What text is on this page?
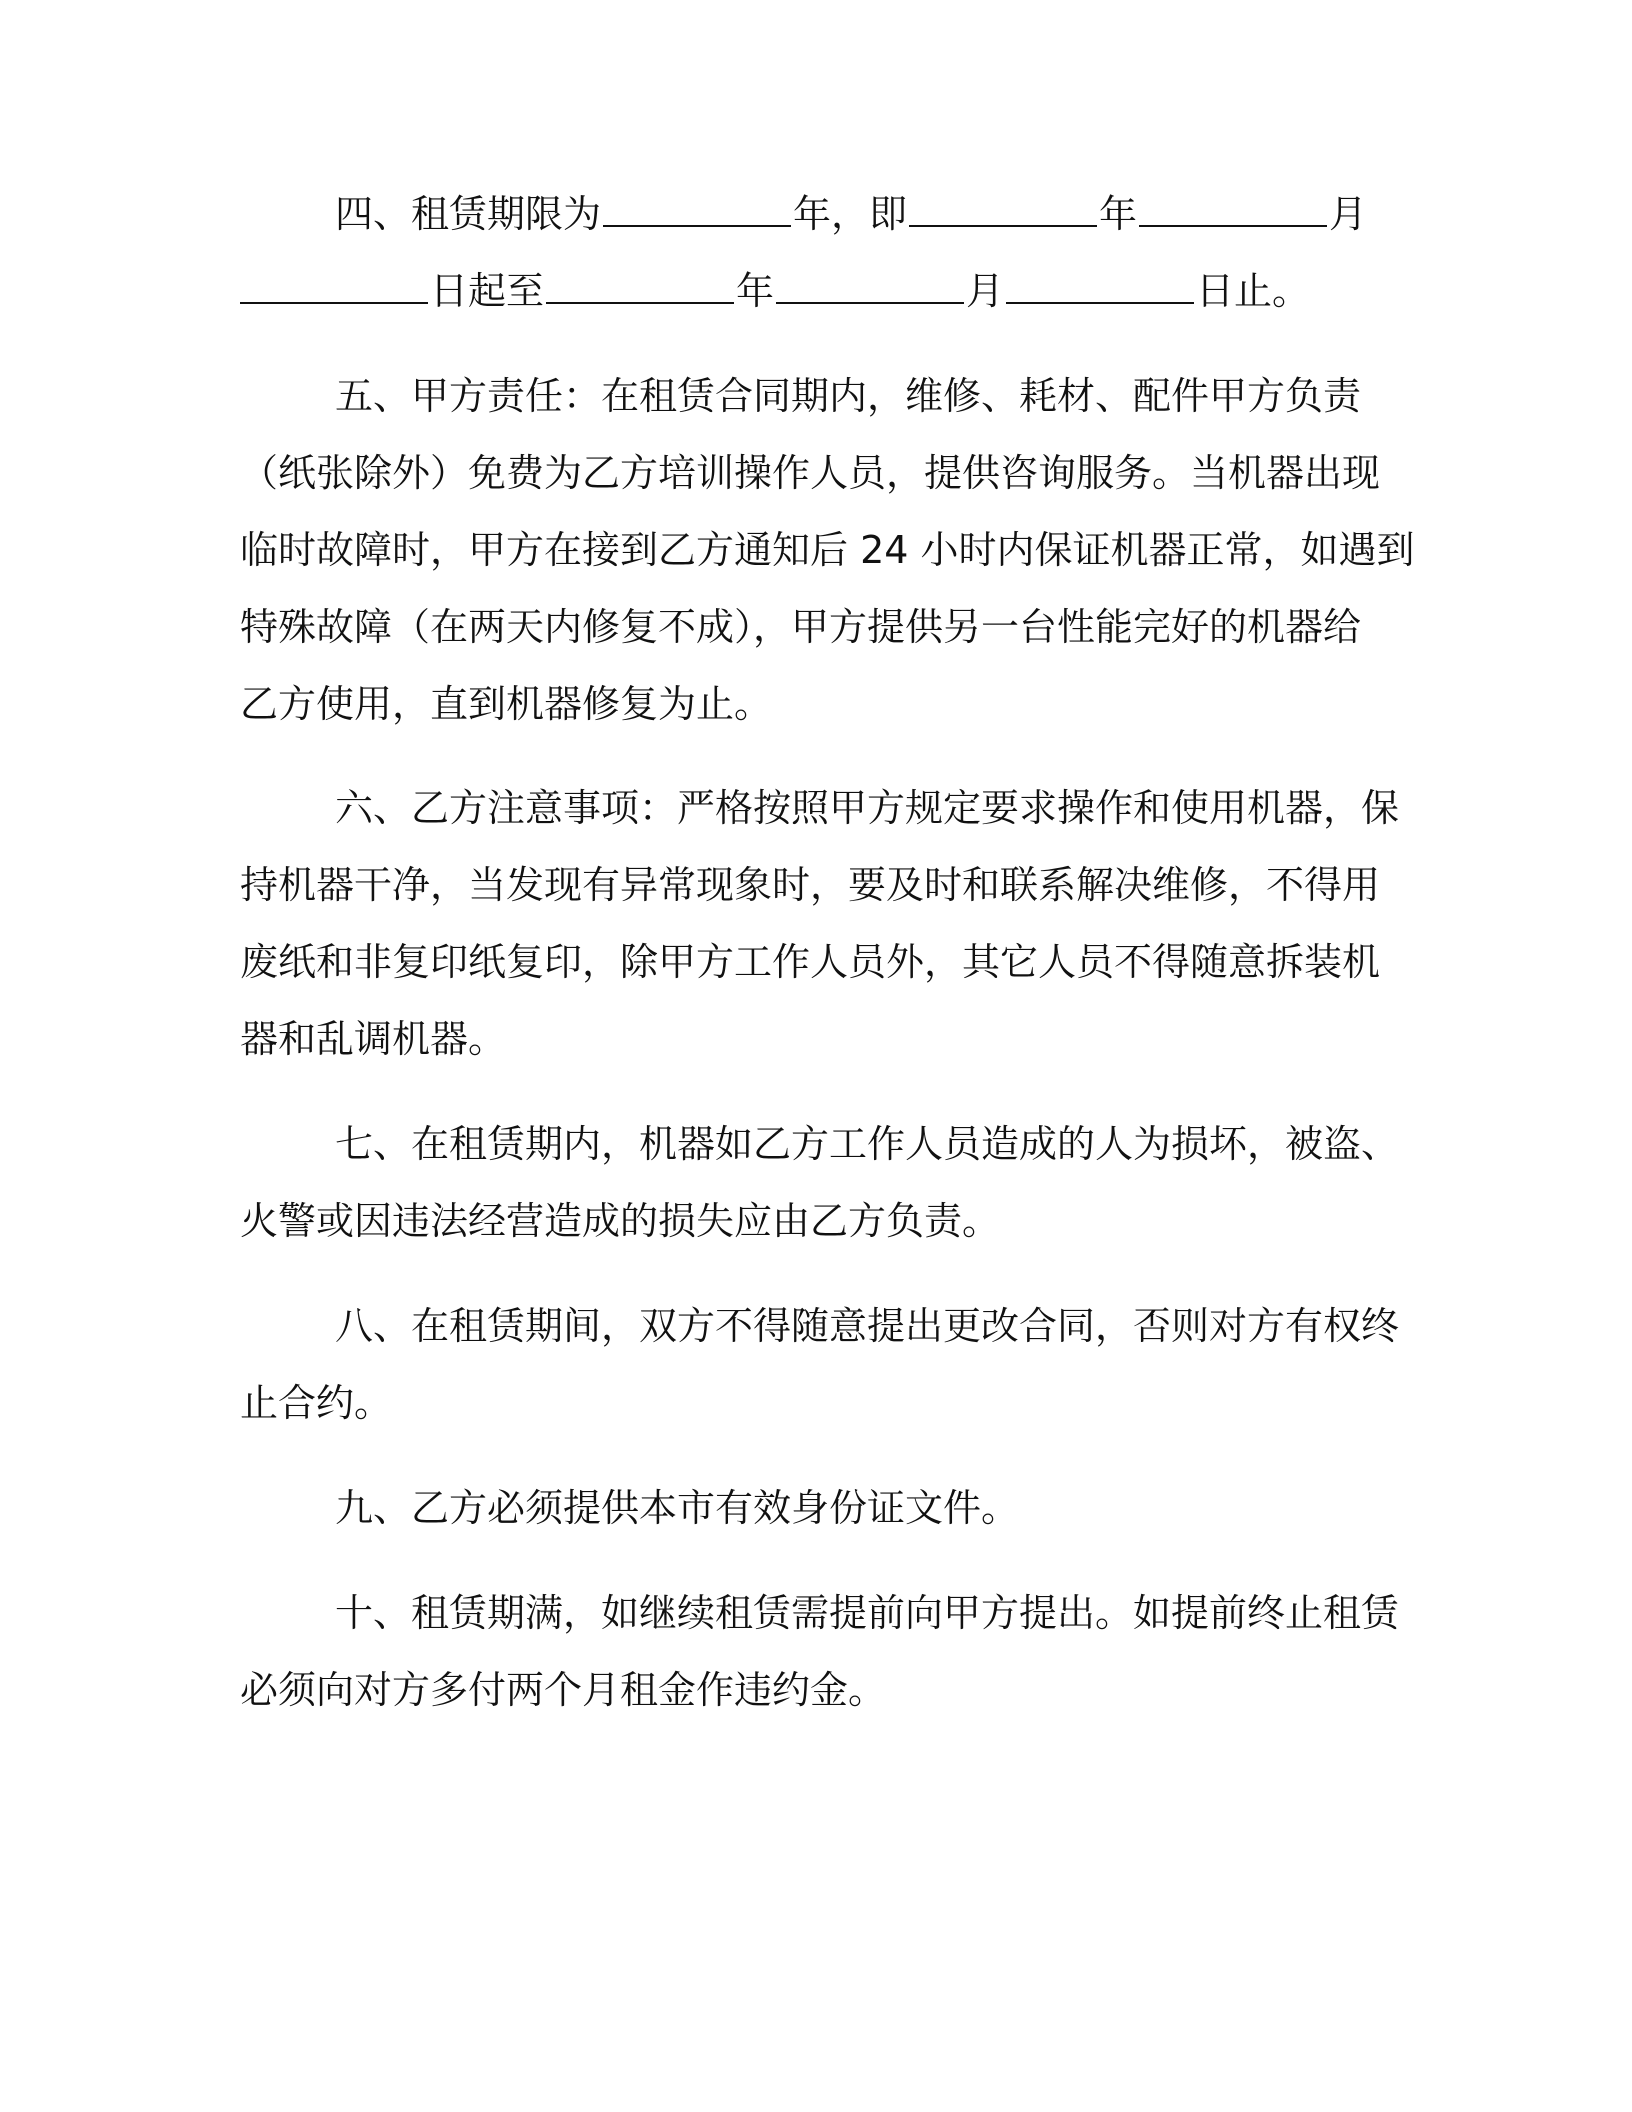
四、租赁期限为	年，即	年	月
日起至	年	月	日止。
五、甲方责任：在租赁合同期内，维修、耗材、配件甲方负责
（纸张除外）免费为乙方培训操作人员，提供咨询服务。当机器出现
临时故障时，甲方在接到乙方通知后 24 小时内保证机器正常，如遇到
特殊故障（在两天内修复不成），甲方提供另一台性能完好的机器给
乙方使用，直到机器修复为止。
六、乙方注意事项：严格按照甲方规定要求操作和使用机器，保
持机器干净，当发现有异常现象时，要及时和联系解决维修，不得用
废纸和非复印纸复印，除甲方工作人员外，其它人员不得随意拆装机
器和乱调机器。
七、在租赁期内，机器如乙方工作人员造成的人为损坏，被盗、
火警或因违法经营造成的损失应由乙方负责。
八、在租赁期间，双方不得随意提出更改合同，否则对方有权终
止合约。
九、乙方必须提供本市有效身份证文件。
十、租赁期满，如继续租赁需提前向甲方提出。如提前终止租赁
必须向对方多付两个月租金作违约金。
